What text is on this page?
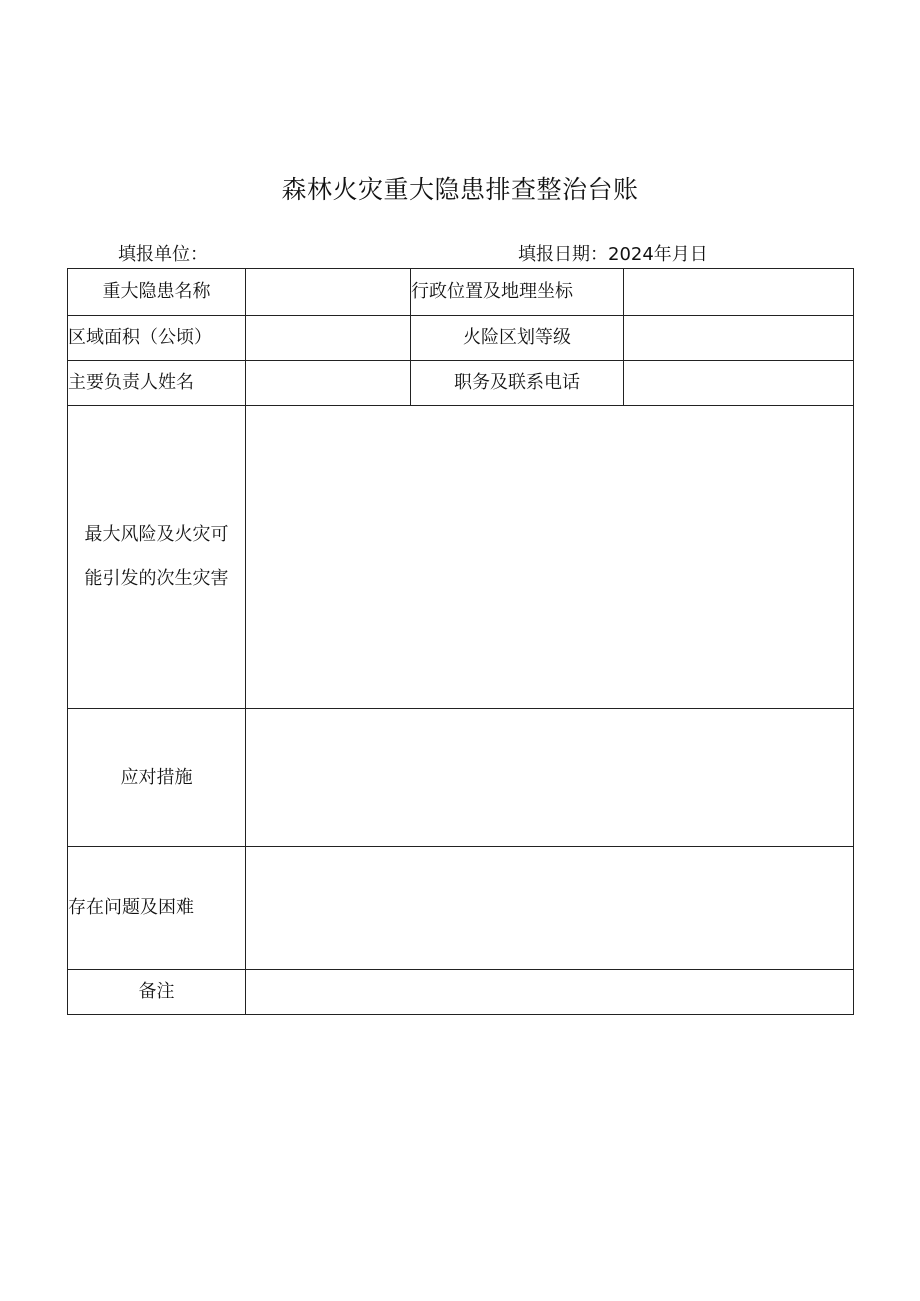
森林火灾重大隐患排查整治台账
填报单位：	填报日期：2024年月日
重大隐患名称		行政位置及地理坐标	
区域面积（公顷）		火险区划等级	
主要负责人姓名		职务及联系电话	

最大风险及火灾可
能引发的次生灾害			

应对措施			
存在问题及困难			
备注			
